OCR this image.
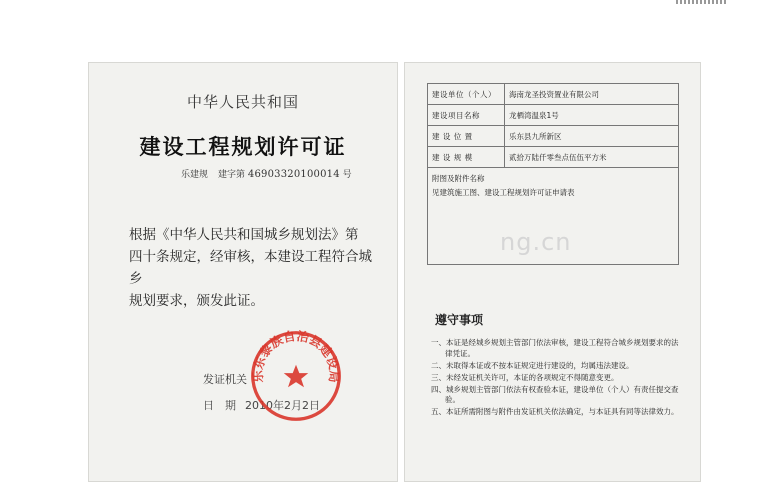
中华人民共和国
建设工程规划许可证
乐建规 建字第 46903320100014 号
根据《中华人民共和国城乡规划法》第
四十条规定，经审核，本建设工程符合城乡
规划要求，颁发此证。
发证机关
日　期 2010年2月2日
乐东黎族自治县建设局
建设单位（个人）	海南龙圣投资置业有限公司
建设项目名称	龙栖湾温泉1号
建 设 位 置	乐东县九所新区
建 设 规 模	贰拾万陆仟零叁点伍伍平方米

附图及附件名称
见建筑施工图、建设工程规划许可证申请表	
遵守事项
一、本证是经城乡规划主管部门依法审核，建设工程符合城乡规划要求的法律凭证。
二、未取得本证或不按本证规定进行建设的，均属违法建设。
三、未经发证机关许可，本证的各项规定不得随意变更。
四、城乡规划主管部门依法有权查验本证，建设单位（个人）有责任提交查验。
五、本证所需附图与附件由发证机关依法确定，与本证具有同等法律效力。
ng.cn
